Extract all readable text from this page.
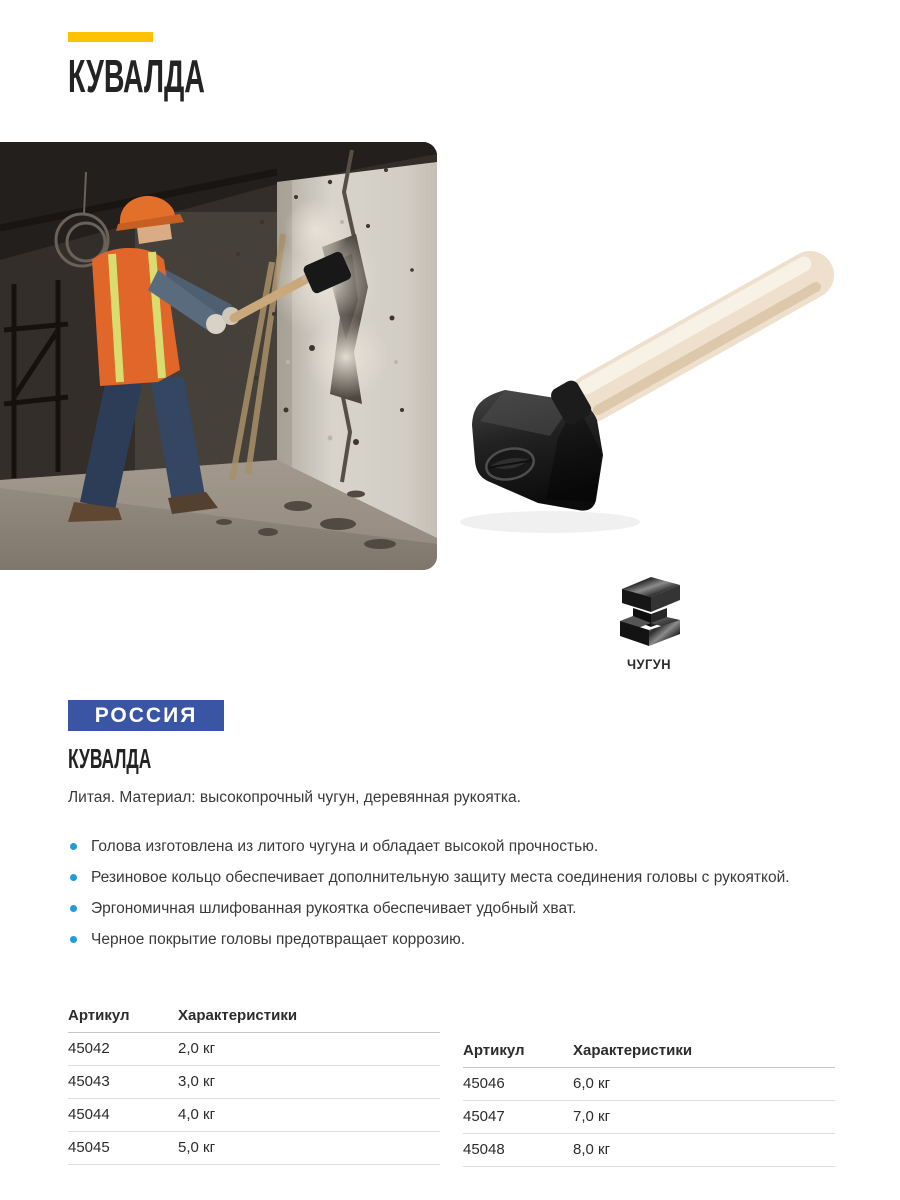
КУВАЛДА
ЧУГУН
РОССИЯ
КУВАЛДА

Литая. Материал: высокопрочный чугун, деревянная рукоятка.

Голова изготовлена из литого чугуна и обладает высокой прочностью.
Резиновое кольцо обеспечивает дополнительную защиту места соединения головы с рукояткой.
Эргономичная шлифованная рукоятка обеспечивает удобный хват.
Черное покрытие головы предотвращает коррозию.
Артикул	Характеристики
45042	2,0 кг
45043	3,0 кг
45044	4,0 кг
45045	5,0 кг
Артикул	Характеристики
45046	6,0 кг
45047	7,0 кг
45048	8,0 кг
